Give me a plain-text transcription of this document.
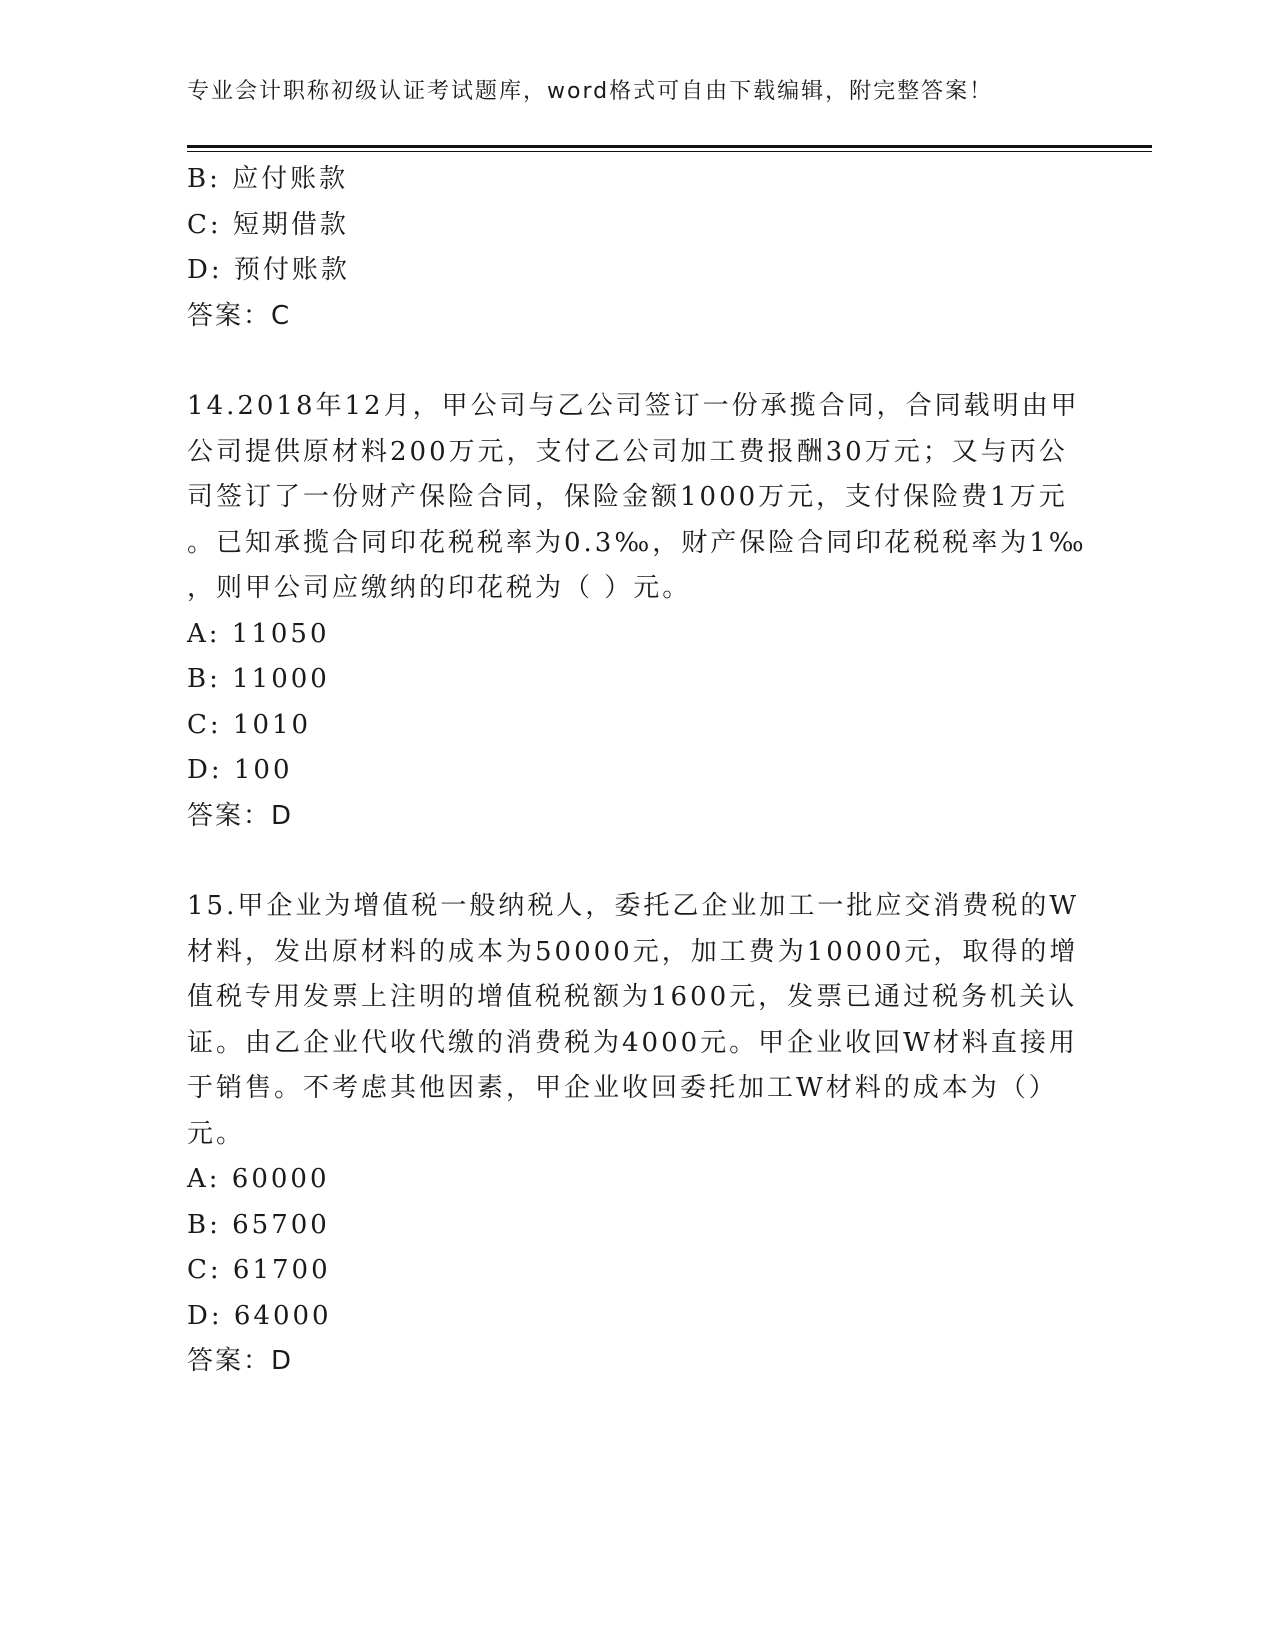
专业会计职称初级认证考试题库，word格式可自由下载编辑，附完整答案！
B: 应付账款
C: 短期借款
D: 预付账款
答案：C
14.2018年12月，甲公司与乙公司签订一份承揽合同，合同载明由甲
公司提供原材料200万元，支付乙公司加工费报酬30万元；又与丙公
司签订了一份财产保险合同，保险金额1000万元，支付保险费1万元
。已知承揽合同印花税税率为0.3‰，财产保险合同印花税税率为1‰
，则甲公司应缴纳的印花税为（ ）元。
A: 11050
B: 11000
C: 1010
D: 100
答案：D
15.甲企业为增值税一般纳税人，委托乙企业加工一批应交消费税的W
材料，发出原材料的成本为50000元，加工费为10000元，取得的增
值税专用发票上注明的增值税税额为1600元，发票已通过税务机关认
证。由乙企业代收代缴的消费税为4000元。甲企业收回W材料直接用
于销售。不考虑其他因素，甲企业收回委托加工W材料的成本为（）
元。
A: 60000
B: 65700
C: 61700
D: 64000
答案：D
